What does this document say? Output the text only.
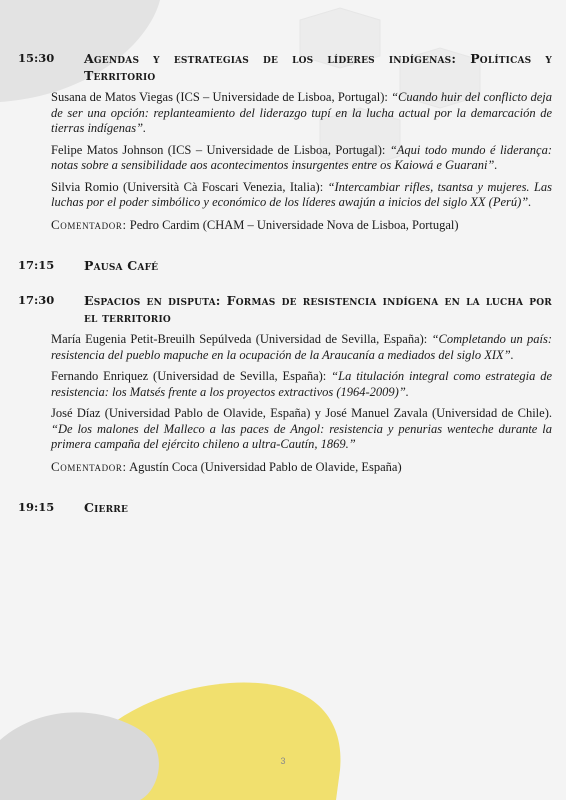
15:30	Agendas y estrategias de los líderes indígenas: Políticas y Territorio
Susana de Matos Viegas (ICS – Universidade de Lisboa, Portugal): “Cuando huir del conflicto deja de ser una opción: replanteamiento del liderazgo tupí en la lucha actual por la demarcación de tierras indígenas”.
Felipe Matos Johnson (ICS – Universidade de Lisboa, Portugal): “Aqui todo mundo é liderança: notas sobre a sensibilidade aos acontecimentos insurgentes entre os Kaiowá e Guarani”.
Silvia Romio (Università Cà Foscari Venezia, Italia): “Intercambiar rifles, tsantsa y mujeres. Las luchas por el poder simbólico y económico de los líderes awajún a inicios del siglo XX (Perú)”.
Comentador: Pedro Cardim (CHAM – Universidade Nova de Lisboa, Portugal)
17:15	Pausa Café
17:30	Espacios en disputa: Formas de resistencia indígena en la lucha por el territorio
María Eugenia Petit-Breuilh Sepúlveda (Universidad de Sevilla, España): “Completando un país: resistencia del pueblo mapuche en la ocupación de la Araucanía a mediados del siglo XIX”.
Fernando Enriquez (Universidad de Sevilla, España): “La titulación integral como estrategia de resistencia: los Matsés frente a los proyectos extractivos (1964-2009)”.
José Díaz (Universidad Pablo de Olavide, España) y José Manuel Zavala (Universidad de Chile). “De los malones del Malleco a las paces de Angol: resistencia y penurias wenteche durante la primera campaña del ejército chileno a ultra-Cautín, 1869.”
Comentador: Agustín Coca (Universidad Pablo de Olavide, España)
19:15	Cierre
3
